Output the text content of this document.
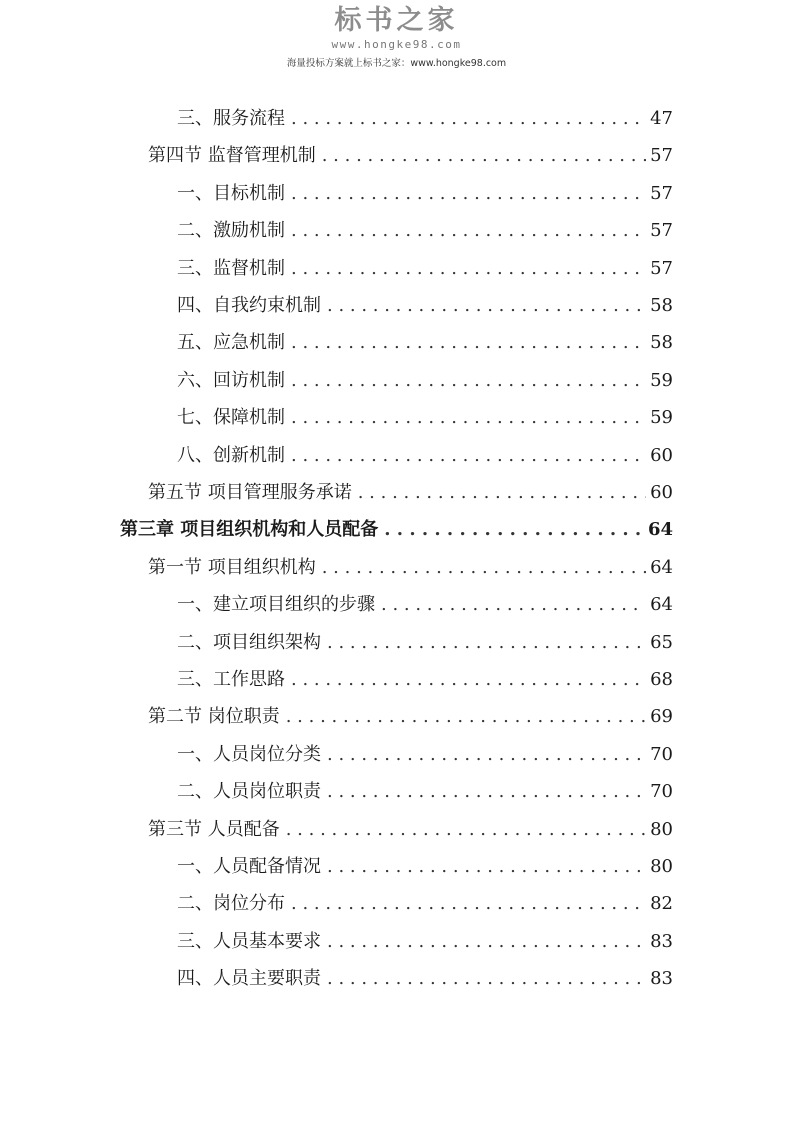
标书之家
www.hongke98.com
海量投标方案就上标书之家：www.hongke98.com
三、服务流程 . . .	47
第四节 监督管理机制 . . .	57
一、目标机制 . . .	57
二、激励机制 . . .	57
三、监督机制 . . .	57
四、自我约束机制 . . .	58
五、应急机制 . . .	58
六、回访机制 . . .	59
七、保障机制 . . .	59
八、创新机制 . . .	60
第五节 项目管理服务承诺 . . .	60
第三章 项目组织机构和人员配备 . . .	64
第一节 项目组织机构 . . .	64
一、建立项目组织的步骤 . . .	64
二、项目组织架构 . . .	65
三、工作思路 . . .	68
第二节 岗位职责 . . .	69
一、人员岗位分类 . . .	70
二、人员岗位职责 . . .	70
第三节 人员配备 . . .	80
一、人员配备情况 . . .	80
二、岗位分布 . . .	82
三、人员基本要求 . . .	83
四、人员主要职责 . . .	83
